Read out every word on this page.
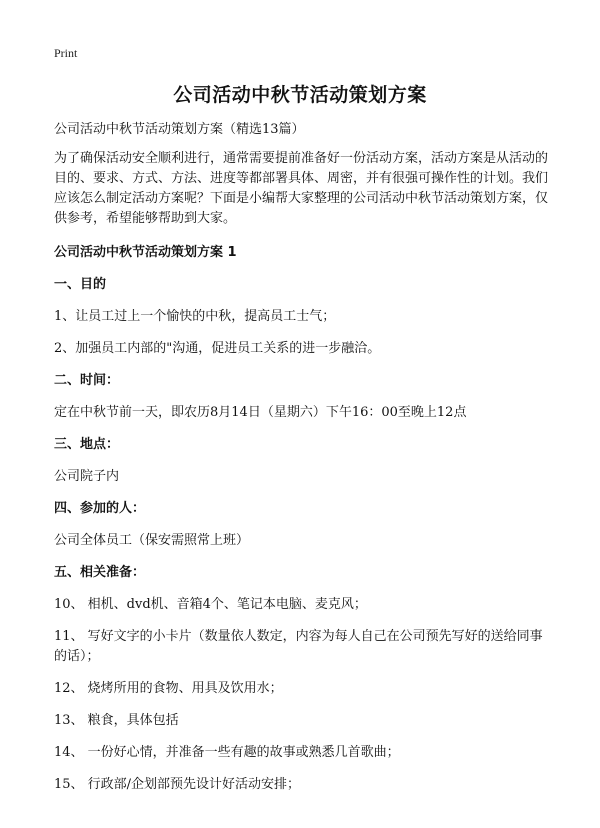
Print
公司活动中秋节活动策划方案

公司活动中秋节活动策划方案（精选13篇）

为了确保活动安全顺利进行，通常需要提前准备好一份活动方案，活动方案是从活动的目的、要求、方式、方法、进度等都部署具体、周密，并有很强可操作性的计划。我们应该怎么制定活动方案呢？下面是小编帮大家整理的公司活动中秋节活动策划方案，仅供参考，希望能够帮助到大家。

公司活动中秋节活动策划方案 1

一、目的

1、让员工过上一个愉快的中秋，提高员工士气；

2、加强员工内部的"沟通，促进员工关系的进一步融洽。

二、时间：

定在中秋节前一天，即农历8月14日（星期六）下午16：00至晚上12点

三、地点：

公司院子内

四、参加的人：

公司全体员工（保安需照常上班）

五、相关准备：

10、 相机、dvd机、音箱4个、笔记本电脑、麦克风；

11、 写好文字的小卡片（数量依人数定，内容为每人自己在公司预先写好的送给同事的话）；

12、 烧烤所用的食物、用具及饮用水；

13、 粮食，具体包括

14、 一份好心情，并准备一些有趣的故事或熟悉几首歌曲；

15、 行政部/企划部预先设计好活动安排；
